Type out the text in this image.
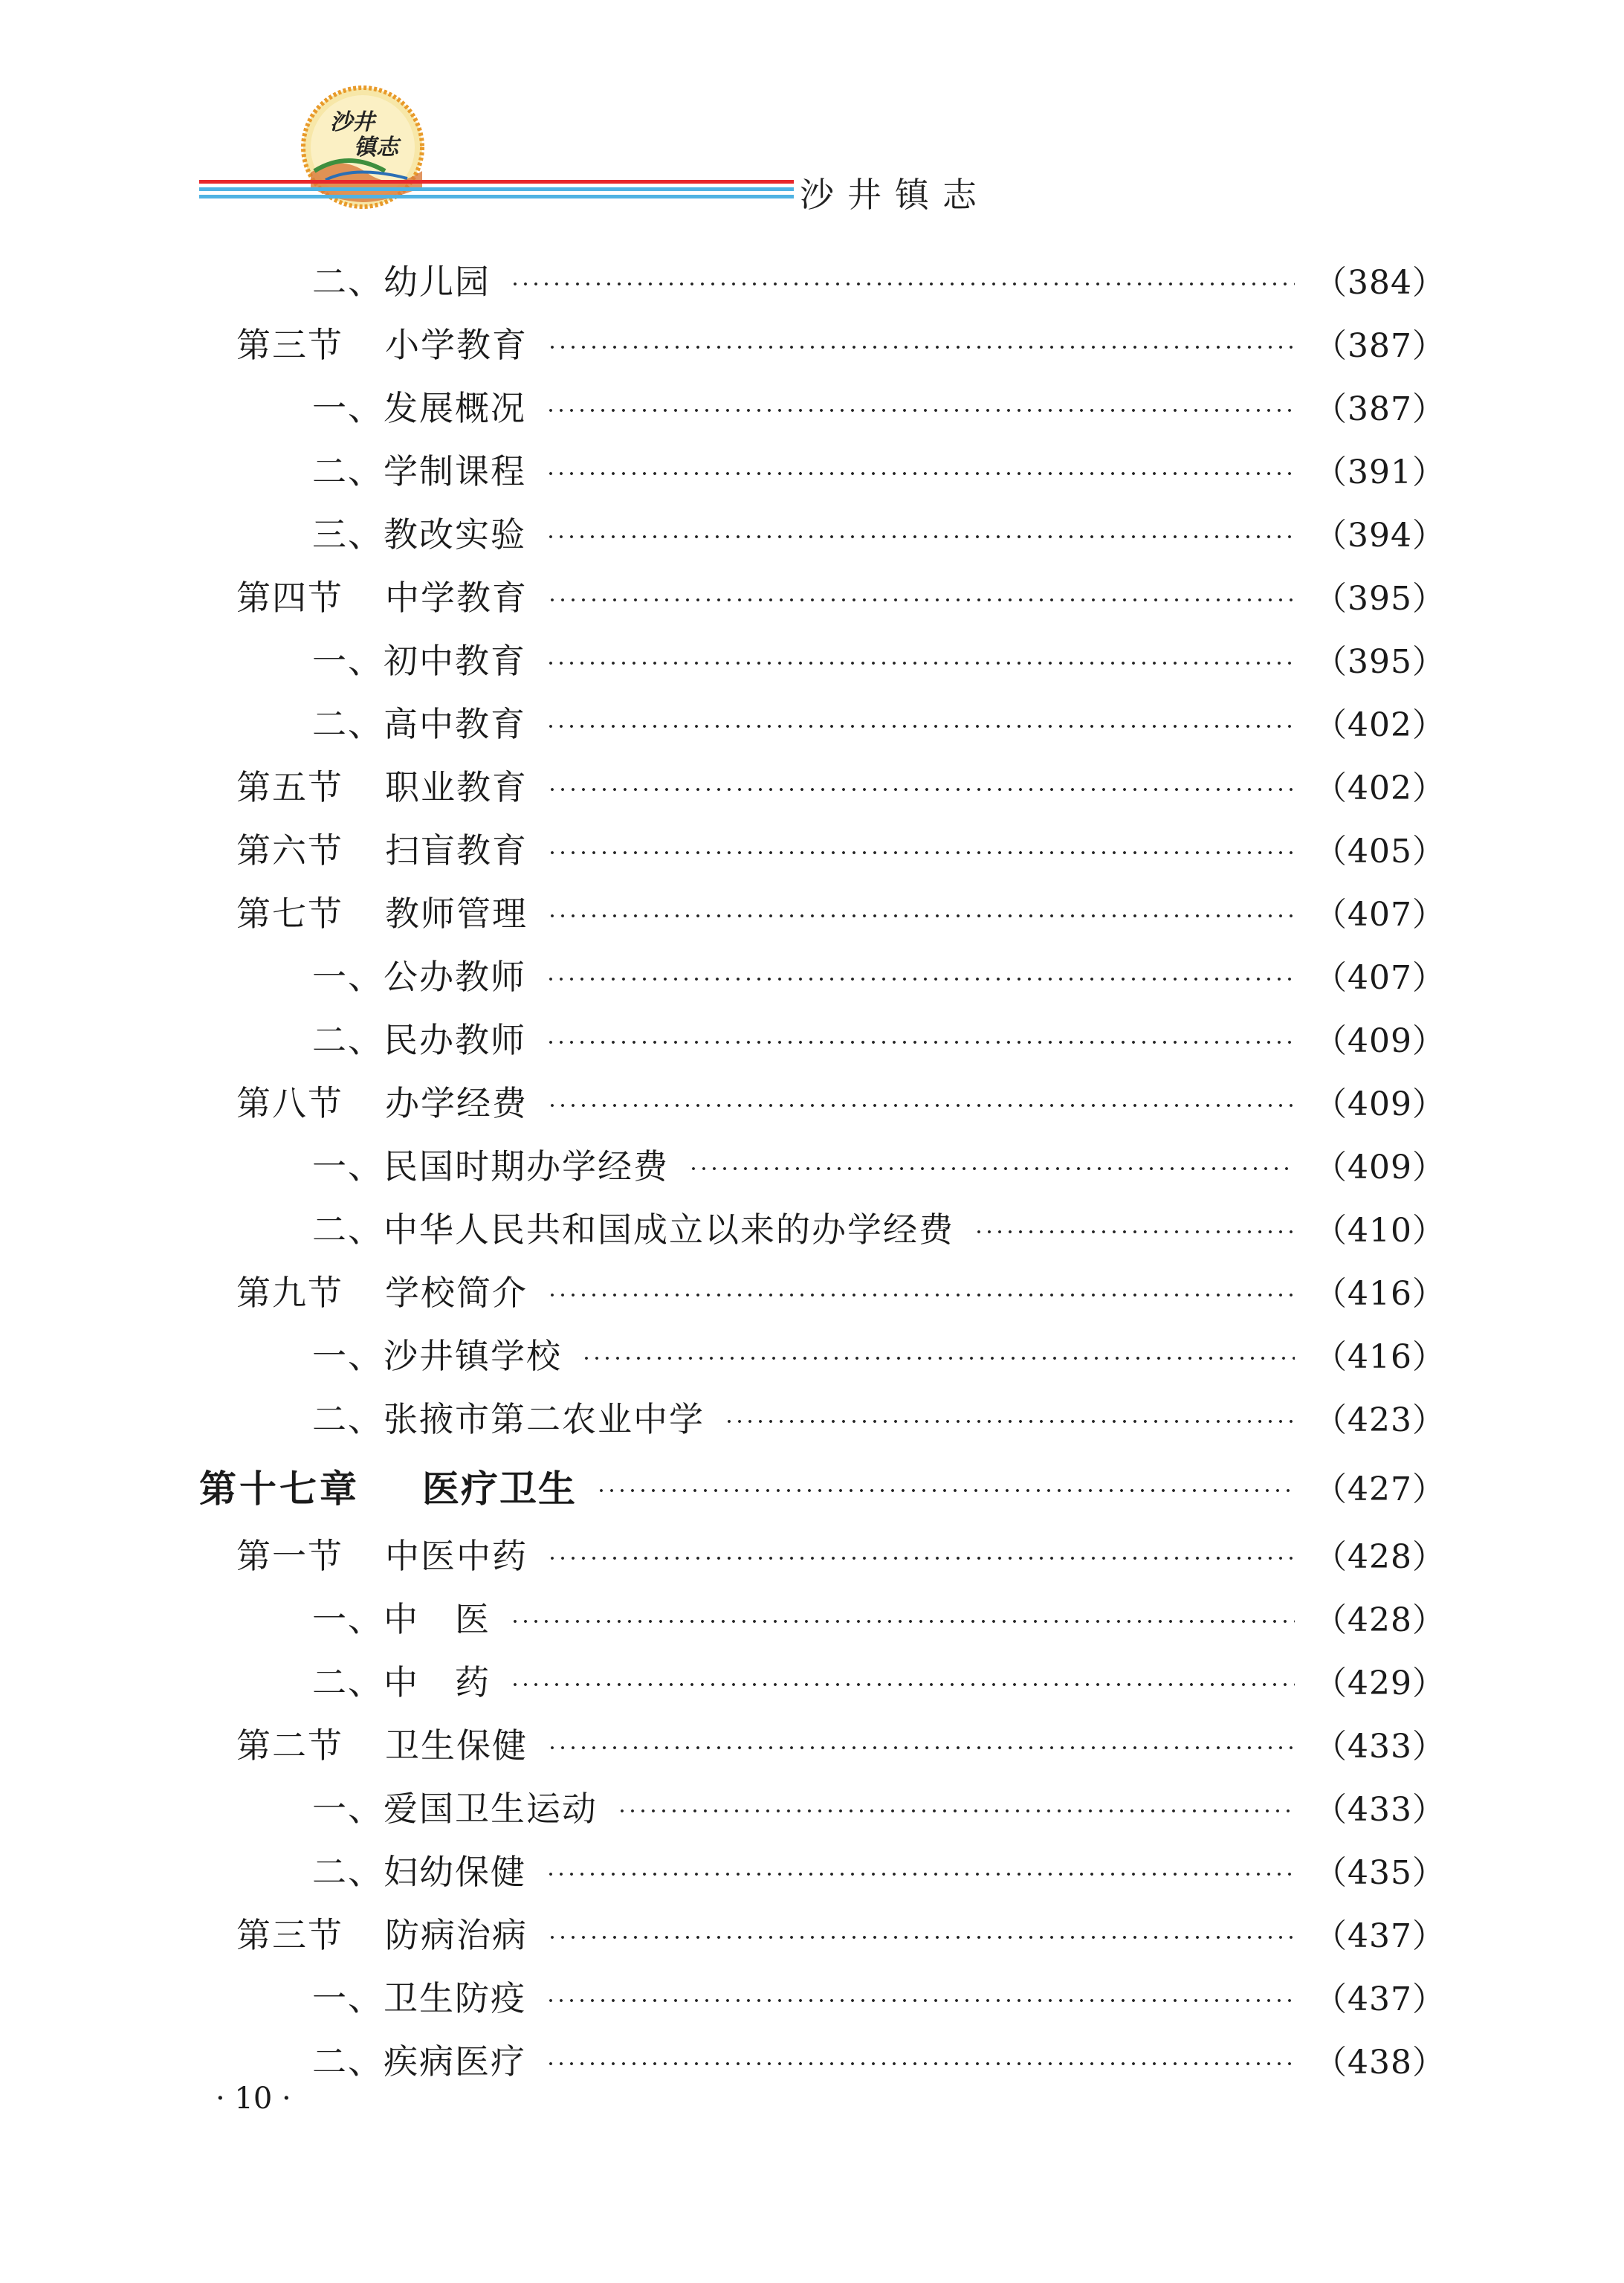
沙井
镇志
沙井镇志
二、幼儿园	（384）
第三节	小学教育	（387）
一、发展概况	（387）
二、学制课程	（391）
三、教改实验	（394）
第四节	中学教育	（395）
一、初中教育	（395）
二、高中教育	（402）
第五节	职业教育	（402）
第六节	扫盲教育	（405）
第七节	教师管理	（407）
一、公办教师	（407）
二、民办教师	（409）
第八节	办学经费	（409）
一、民国时期办学经费	（409）
二、中华人民共和国成立以来的办学经费	（410）
第九节	学校简介	（416）
一、沙井镇学校	（416）
二、张掖市第二农业中学	（423）
第十七章	医疗卫生	（427）
第一节	中医中药	（428）
一、中　医	（428）
二、中　药	（429）
第二节	卫生保健	（433）
一、爱国卫生运动	（433）
二、妇幼保健	（435）
第三节	防病治病	（437）
一、卫生防疫	（437）
二、疾病医疗	（438）
· 10 ·
